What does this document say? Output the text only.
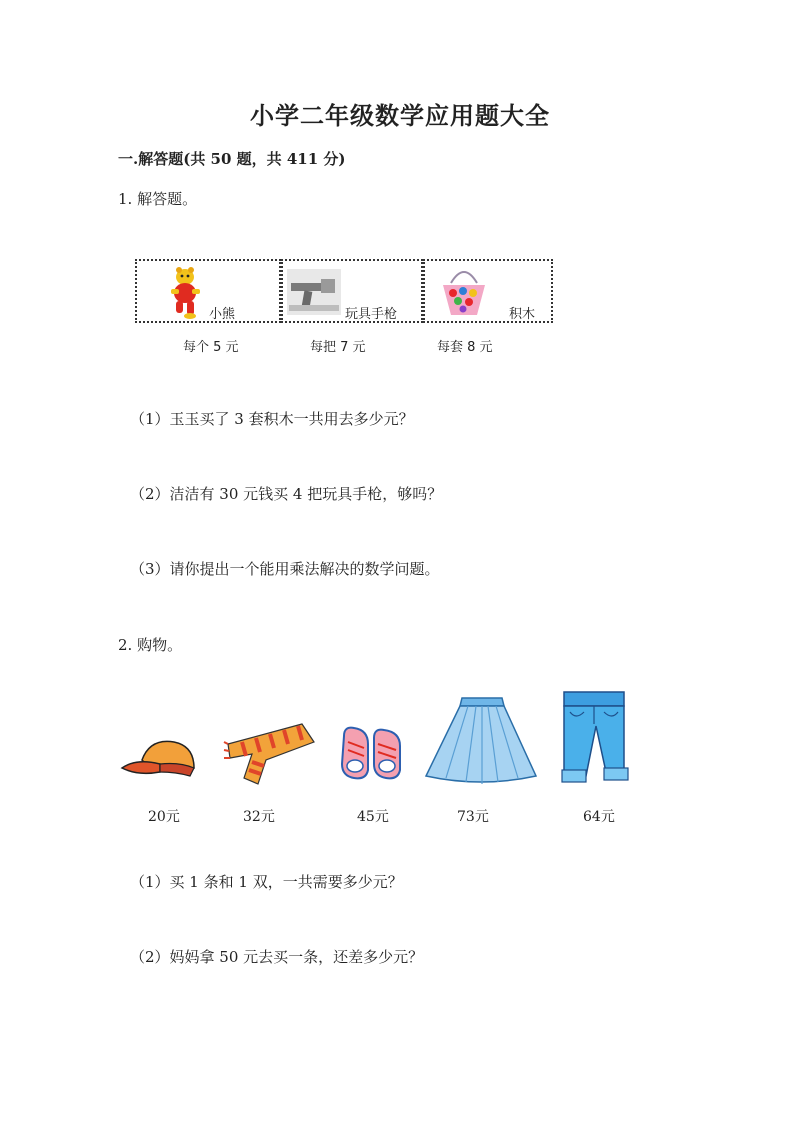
小学二年级数学应用题大全
一.解答题(共 50 题，共 411 分)
1. 解答题。
小熊	玩具手枪	积木
每个 5 元	每把 7 元	每套 8 元
（1）玉玉买了 3 套积木一共用去多少元？
（2）洁洁有 30 元钱买 4 把玩具手枪，够吗？
（3）请你提出一个能用乘法解决的数学问题。
2. 购物。
20元	32元	45元	73元	64元
（1）买 1 条和 1 双，一共需要多少元？
（2）妈妈拿 50 元去买一条，还差多少元？
